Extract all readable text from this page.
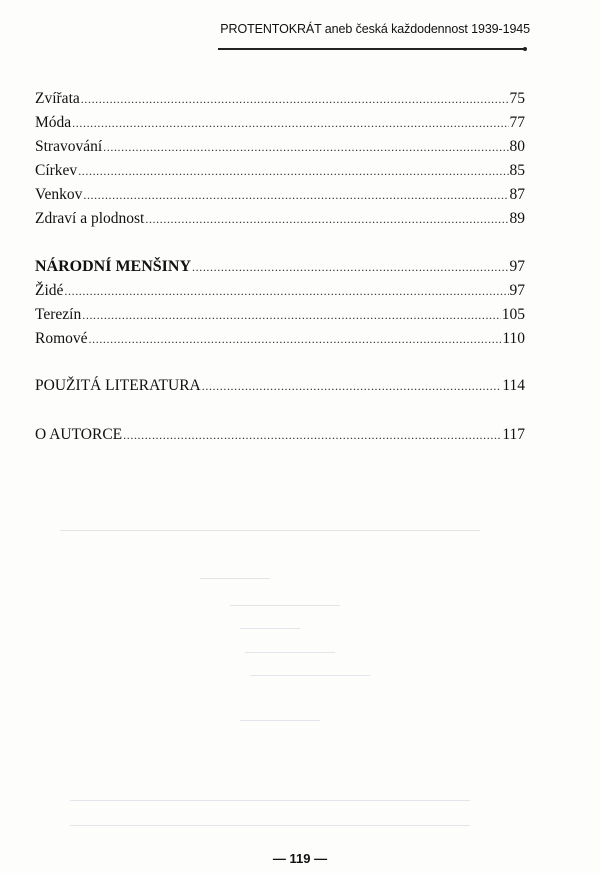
PROTENTOKRÁT aneb česká každodennost 1939-1945
Zvířata .....	75
Móda .....	77
Stravování .....	80
Církev .....	85
Venkov .....	87
Zdraví a plodnost .....	89
NÁRODNÍ MENŠINY .....	97
Židé .....	97
Terezín .....	105
Romové .....	110
POUŽITÁ LITERATURA .....	114
O AUTORCE .....	117
— 119 —
